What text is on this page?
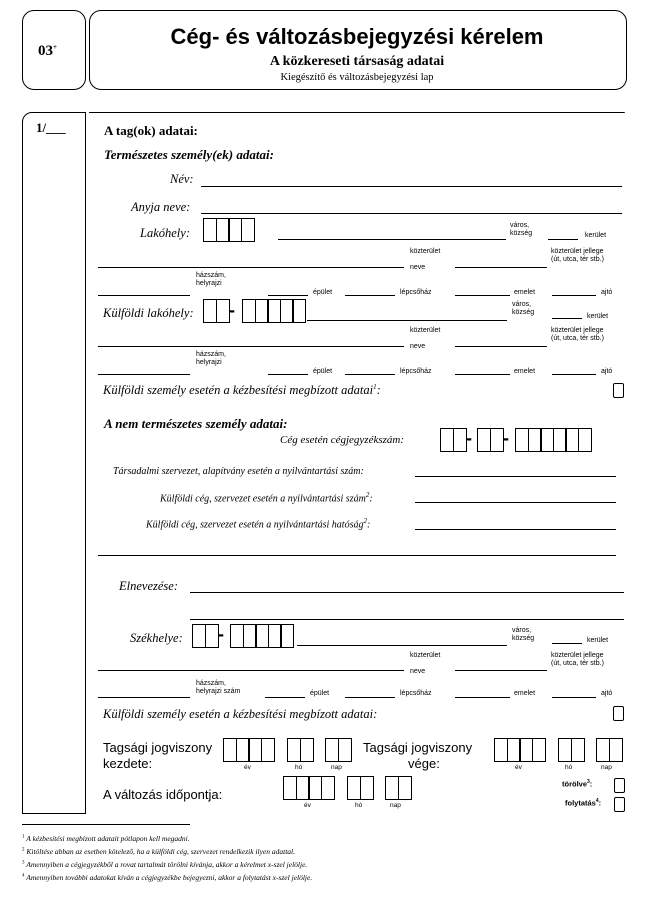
03+	Cég- és változásbejegyzési kérelem
A közkereseti társaság adatai
Kiegészítő és változásbejegyzési lap
1/___	A tag(ok) adatai:
Természetes személy(ek) adatai:
Név:
Anyja neve:
Lakóhely:
város,
község	kerület
közterület

neve
közterület jellege
(út, utca, tér stb.)
házszám,
helyrajzi
épület	lépcsőház	emelet	ajtó
Külföldi lakóhely: -	város,
község
kerület
közterület

neve
közterület jellege
(út, utca, tér stb.)
házszám,
helyrajzi
épület	lépcsőház	emelet	ajtó
Külföldi személy esetén a kézbesítési megbízott adatai$^1$:
A nem természetes személy adatai:
Cég esetén cégjegyzékszám:	- -
Társadalmi szervezet, alapítvány esetén a nyilvántartási szám:
Külföldi cég, szervezet esetén a nyilvántartási szám$^2$:
Külföldi cég, szervezet esetén a nyilvántartási hatóság$^2$:
Elnevezése:
Székhelye: -	város,
község	kerület
közterület

neve
közterület jellege
(út, utca, tér stb.)
házszám,
helyrajzi szám	épület	lépcsőház	emelet	ajtó
Külföldi személy esetén a kézbesítési megbízott adatai:
Tagsági jogviszony
kezdete:	év	hó	nap
Tagsági jogviszony
vége:	év	hó	nap
A változás időpontja:
év	hó	nap
törölve$^3$:
folytatás$^4$:
$^1$ A kézbesítési megbízott adatait pótlapon kell megadni.
$^2$ Kitöltése abban az esetben kötelező, ha a külföldi cég, szervezet rendelkezik ilyen adattal.
$^3$ Amennyiben a cégjegyzékből a rovat tartalmát törölni kívánja, akkor a kérelmet x-szel jelölje.
$^4$ Amennyiben további adatokat kíván a cégjegyzékbe bejegyezni, akkor a folytatást x-szel jelölje.
